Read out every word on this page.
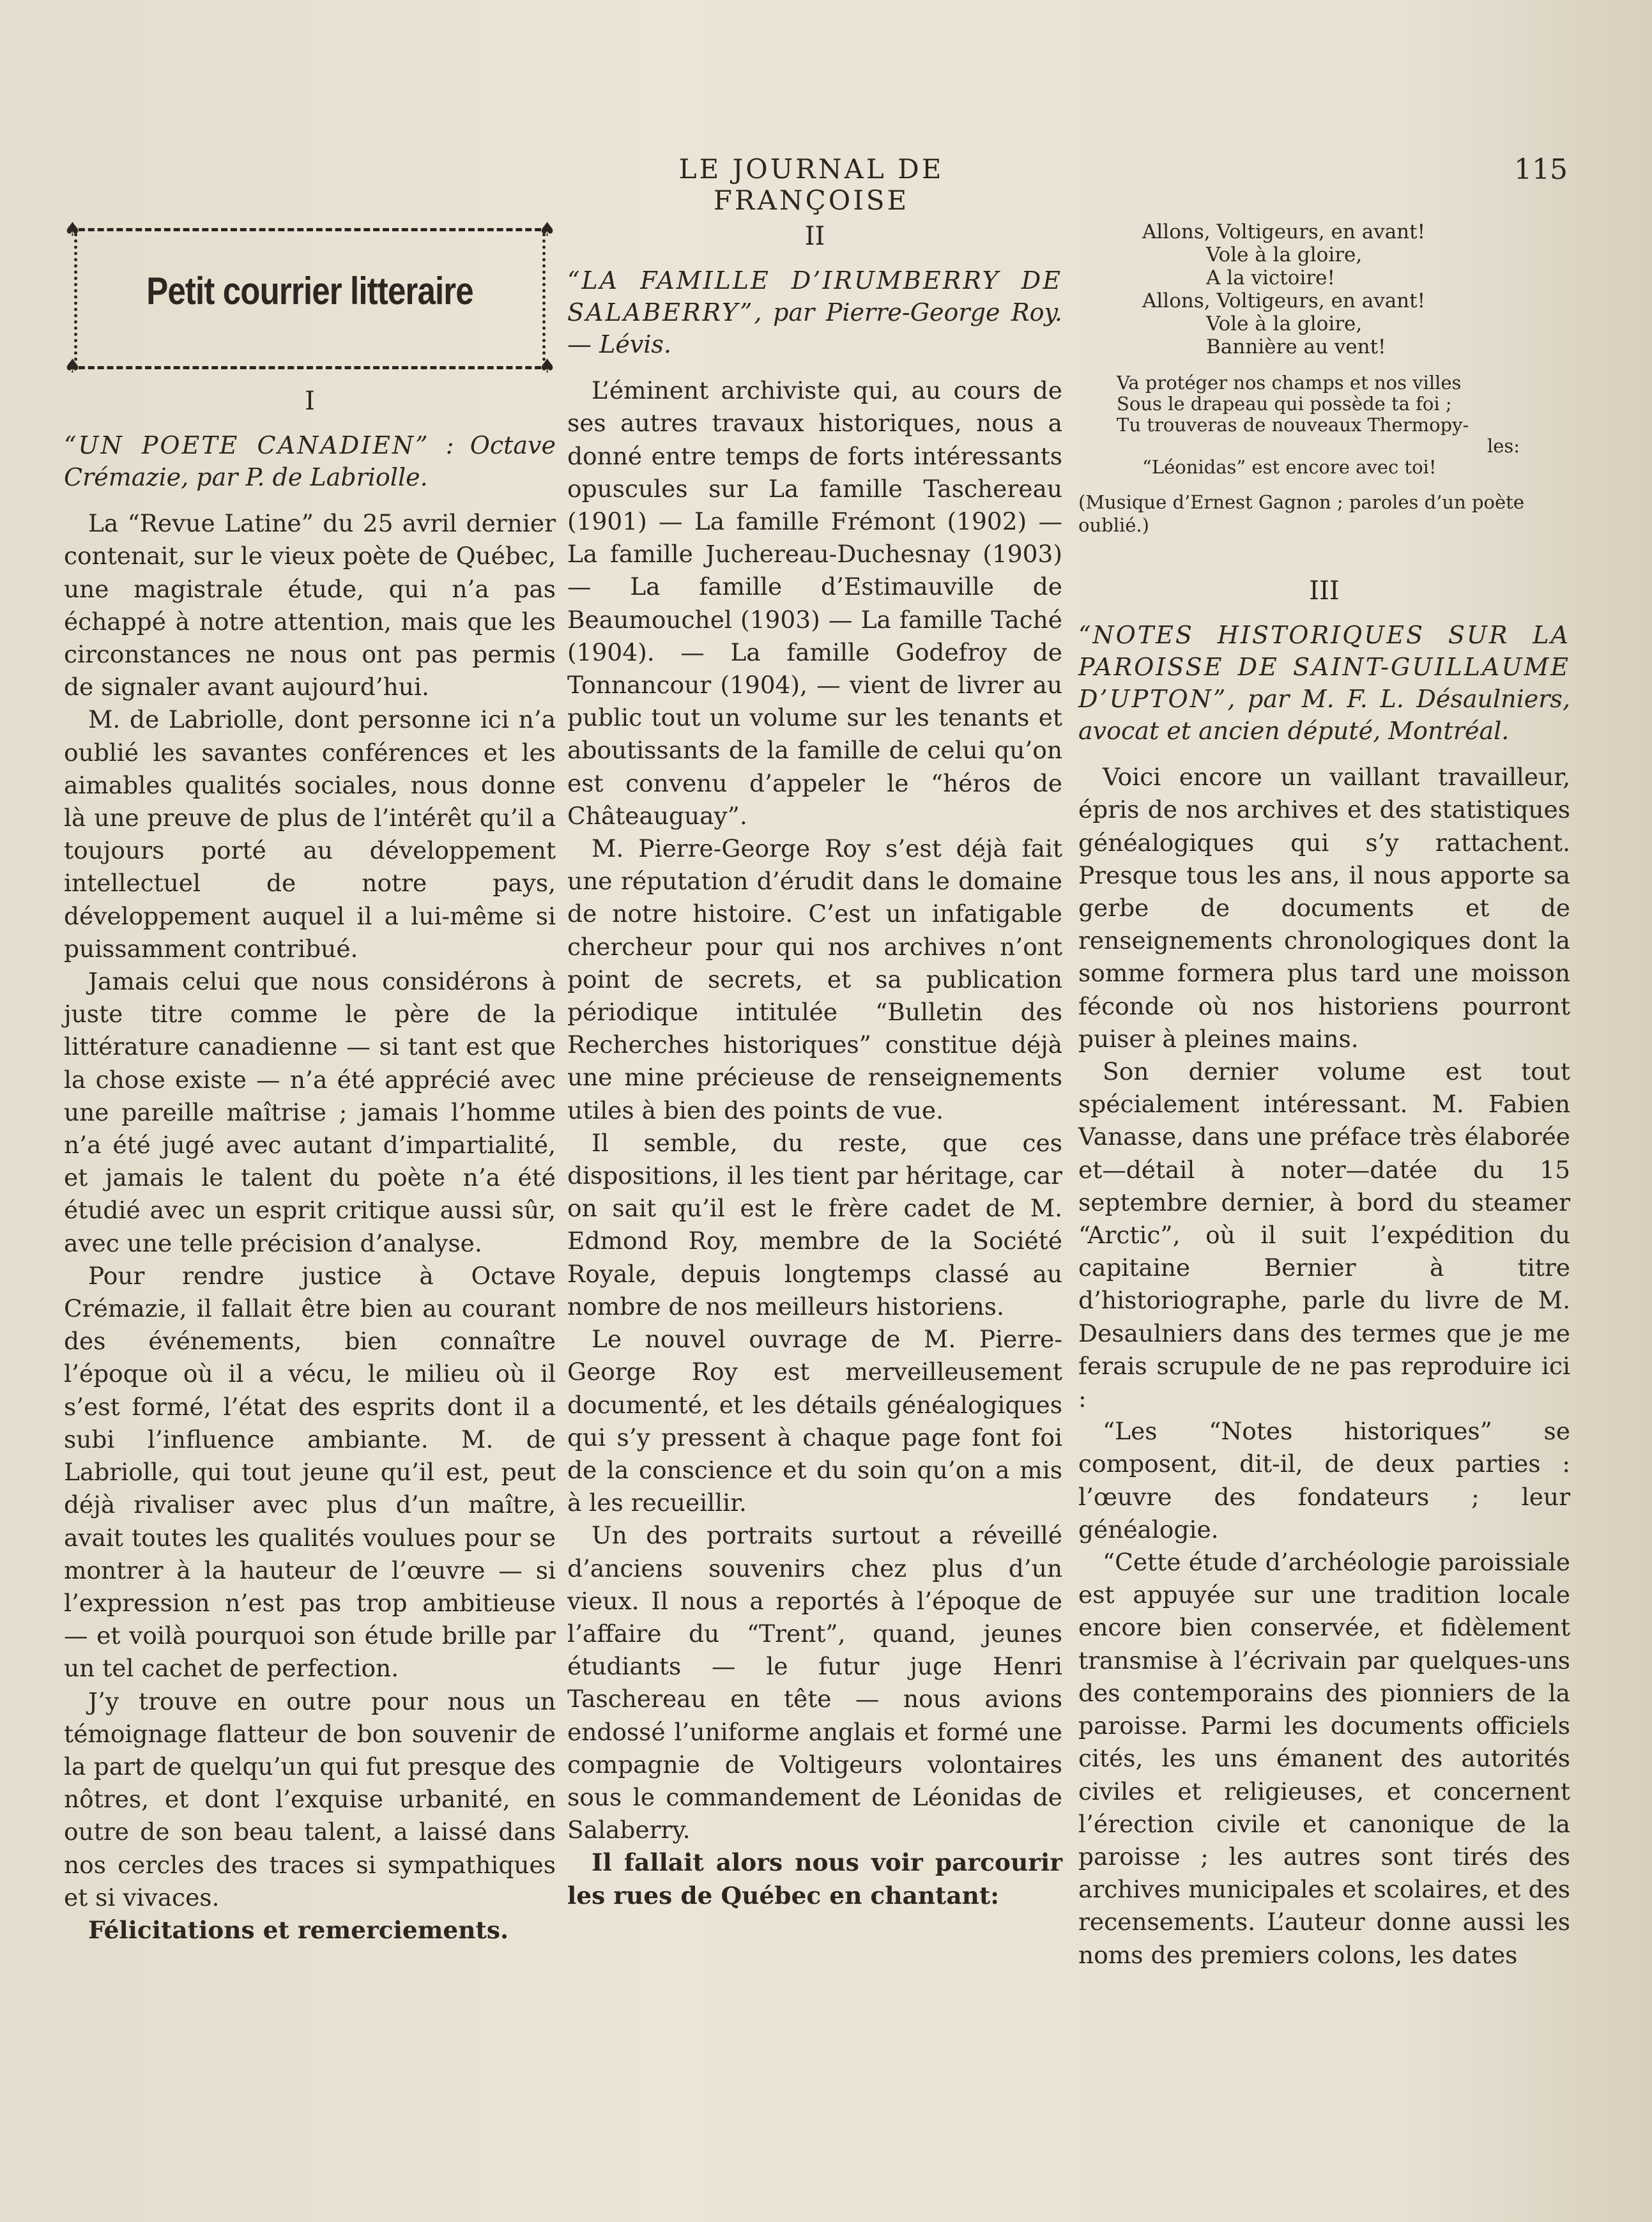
LE JOURNAL DE FRANÇOISE
115
♠	♠
♠	♠
Petit courrier litteraire
I
“UN POETE CANADIEN” : Octave Crémazie, par P. de Labriolle.

La “Revue Latine” du 25 avril dernier contenait, sur le vieux poète de Québec, une magistrale étude, qui n’a pas échappé à notre attention, mais que les circonstances ne nous ont pas permis de signaler avant aujourd’hui.

M. de Labriolle, dont personne ici n’a oublié les savantes conférences et les aimables qualités sociales, nous donne là une preuve de plus de l’intérêt qu’il a toujours porté au développement intellectuel de notre pays, développement auquel il a lui-même si puissamment contribué.

Jamais celui que nous considérons à juste titre comme le père de la littérature canadienne — si tant est que la chose existe — n’a été apprécié avec une pareille maîtrise ; jamais l’homme n’a été jugé avec autant d’impartialité, et jamais le talent du poète n’a été étudié avec un esprit critique aussi sûr, avec une telle précision d’analyse.

Pour rendre justice à Octave Crémazie, il fallait être bien au courant des événements, bien connaître l’époque où il a vécu, le milieu où il s’est formé, l’état des esprits dont il a subi l’influence ambiante. M. de Labriolle, qui tout jeune qu’il est, peut déjà rivaliser avec plus d’un maître, avait toutes les qualités voulues pour se montrer à la hauteur de l’œuvre — si l’expression n’est pas trop ambitieuse — et voilà pourquoi son étude brille par un tel cachet de perfection.

J’y trouve en outre pour nous un témoignage flatteur de bon souvenir de la part de quelqu’un qui fut presque des nôtres, et dont l’exquise urbanité, en outre de son beau talent, a laissé dans nos cercles des traces si sympathiques et si vivaces.

Félicitations et remerciements.

II
“LA FAMILLE D’IRUMBERRY DE SALABERRY”, par Pierre-George Roy. — Lévis.

L’éminent archiviste qui, au cours de ses autres travaux historiques, nous a donné entre temps de forts intéressants opuscules sur La famille Taschereau (1901) — La famille Frémont (1902) — La famille Juchereau-Duchesnay (1903) — La famille d’Estimauville de Beaumouchel (1903) — La famille Taché (1904). — La famille Godefroy de Tonnancour (1904), — vient de livrer au public tout un volume sur les tenants et aboutissants de la famille de celui qu’on est convenu d’appeler le “héros de Châteauguay”.

M. Pierre-George Roy s’est déjà fait une réputation d’érudit dans le domaine de notre histoire. C’est un infatigable chercheur pour qui nos archives n’ont point de secrets, et sa publication périodique intitulée “Bulletin des Recherches historiques” constitue déjà une mine précieuse de renseignements utiles à bien des points de vue.

Il semble, du reste, que ces dispositions, il les tient par héritage, car on sait qu’il est le frère cadet de M. Edmond Roy, membre de la Société Royale, depuis longtemps classé au nombre de nos meilleurs historiens.

Le nouvel ouvrage de M. Pierre-George Roy est merveilleusement documenté, et les détails généalogiques qui s’y pressent à chaque page font foi de la conscience et du soin qu’on a mis à les recueillir.

Un des portraits surtout a réveillé d’anciens souvenirs chez plus d’un vieux. Il nous a reportés à l’époque de l’affaire du “Trent”, quand, jeunes étudiants — le futur juge Henri Taschereau en tête — nous avions endossé l’uniforme anglais et formé une compagnie de Voltigeurs volontaires sous le commandement de Léonidas de Salaberry.

Il fallait alors nous voir parcourir les rues de Québec en chantant:

Allons, Voltigeurs, en avant!
Vole à la gloire,
A la victoire!
Allons, Voltigeurs, en avant!
Vole à la gloire,
Bannière au vent!
Va protéger nos champs et nos villes
Sous le drapeau qui possède ta foi ;
Tu trouveras de nouveaux Thermopy-
les:
“Léonidas” est encore avec toi!
(Musique d’Ernest Gagnon ; paroles d’un poète oublié.)
III
“NOTES HISTORIQUES SUR LA PAROISSE DE SAINT-GUILLAUME D’UPTON”, par M. F. L. Désaulniers, avocat et ancien député, Montréal.

Voici encore un vaillant travailleur, épris de nos archives et des statistiques généalogiques qui s’y rattachent. Presque tous les ans, il nous apporte sa gerbe de documents et de renseignements chronologiques dont la somme formera plus tard une moisson féconde où nos historiens pourront puiser à pleines mains.

Son dernier volume est tout spécialement intéressant. M. Fabien Vanasse, dans une préface très élaborée et—détail à noter—datée du 15 septembre dernier, à bord du steamer “Arctic”, où il suit l’expédition du capitaine Bernier à titre d’historiographe, parle du livre de M. Desaulniers dans des termes que je me ferais scrupule de ne pas reproduire ici :

“Les “Notes historiques” se composent, dit-il, de deux parties : l’œuvre des fondateurs ; leur généalogie.

“Cette étude d’archéologie paroissiale est appuyée sur une tradition locale encore bien conservée, et fidèlement transmise à l’écrivain par quelques-uns des contemporains des pionniers de la paroisse. Parmi les documents officiels cités, les uns émanent des autorités civiles et religieuses, et concernent l’érection civile et canonique de la paroisse ; les autres sont tirés des archives municipales et scolaires, et des recensements. L’auteur donne aussi les noms des premiers colons, les dates
